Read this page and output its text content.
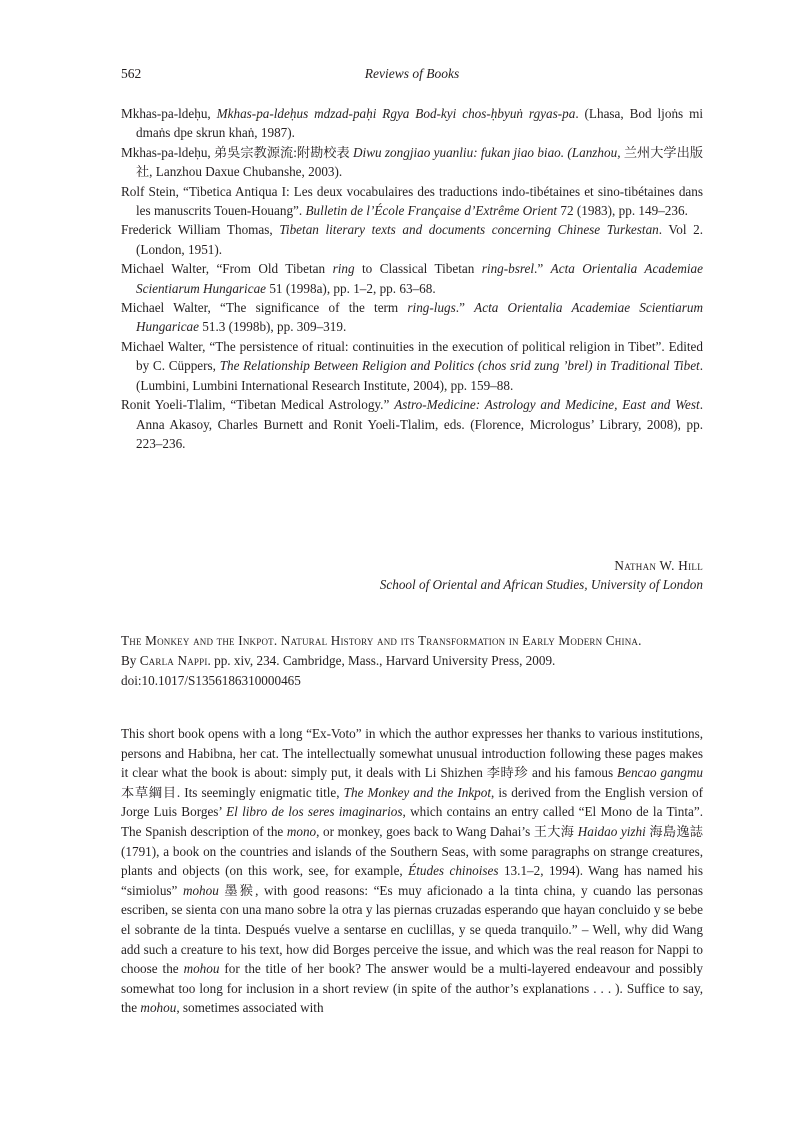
562	Reviews of Books

Mkhas-pa-ldeḥu, Mkhas-pa-ldeḥus mdzad-paḥi Rgya Bod-kyi chos-ḥbyuṅ rgyas-pa. (Lhasa, Bod ljoṅs mi dmaṅs dpe skrun khaṅ, 1987).

Mkhas-pa-ldeḥu, 弟吳宗教源流:附勘校表 Diwu zongjiao yuanliu: fukan jiao biao. (Lanzhou, 兰州大学出版社, Lanzhou Daxue Chubanshe, 2003).

Rolf Stein, “Tibetica Antiqua I: Les deux vocabulaires des traductions indo-tibétaines et sino-tibétaines dans les manuscrits Touen-Houang”. Bulletin de l’École Française d’Extrême Orient 72 (1983), pp. 149–236.

Frederick William Thomas, Tibetan literary texts and documents concerning Chinese Turkestan. Vol 2. (London, 1951).

Michael Walter, “From Old Tibetan ring to Classical Tibetan ring-bsrel.” Acta Orientalia Academiae Scientiarum Hungaricae 51 (1998a), pp. 1–2, pp. 63–68.

Michael Walter, “The significance of the term ring-lugs.” Acta Orientalia Academiae Scientiarum Hungaricae 51.3 (1998b), pp. 309–319.

Michael Walter, “The persistence of ritual: continuities in the execution of political religion in Tibet”. Edited by C. Cüppers, The Relationship Between Religion and Politics (chos srid zung ’brel) in Traditional Tibet. (Lumbini, Lumbini International Research Institute, 2004), pp. 159–88.

Ronit Yoeli-Tlalim, “Tibetan Medical Astrology.” Astro-Medicine: Astrology and Medicine, East and West. Anna Akasoy, Charles Burnett and Ronit Yoeli-Tlalim, eds. (Florence, Micrologus’ Library, 2008), pp. 223–236.

Nathan W. Hill
School of Oriental and African Studies, University of London
The Monkey and the Inkpot. Natural History and its Transformation in Early Modern China.
By Carla Nappi. pp. xiv, 234. Cambridge, Mass., Harvard University Press, 2009.
doi:10.1017/S1356186310000465

This short book opens with a long “Ex-Voto” in which the author expresses her thanks to various institutions, persons and Habibna, her cat. The intellectually somewhat unusual introduction following these pages makes it clear what the book is about: simply put, it deals with Li Shizhen 李時珍 and his famous Bencao gangmu 本草綱目. Its seemingly enigmatic title, The Monkey and the Inkpot, is derived from the English version of Jorge Luis Borges’ El libro de los seres imaginarios, which contains an entry called “El Mono de la Tinta”. The Spanish description of the mono, or monkey, goes back to Wang Dahai’s 王大海 Haidao yizhi 海島逸誌 (1791), a book on the countries and islands of the Southern Seas, with some paragraphs on strange creatures, plants and objects (on this work, see, for example, Études chinoises 13.1–2, 1994). Wang has named his “simiolus” mohou 墨猴, with good reasons: “Es muy aficionado a la tinta china, y cuando las personas escriben, se sienta con una mano sobre la otra y las piernas cruzadas esperando que hayan concluido y se bebe el sobrante de la tinta. Después vuelve a sentarse en cuclillas, y se queda tranquilo.” – Well, why did Wang add such a creature to his text, how did Borges perceive the issue, and which was the real reason for Nappi to choose the mohou for the title of her book? The answer would be a multi-layered endeavour and possibly somewhat too long for inclusion in a short review (in spite of the author’s explanations . . . ). Suffice to say, the mohou, sometimes associated with
